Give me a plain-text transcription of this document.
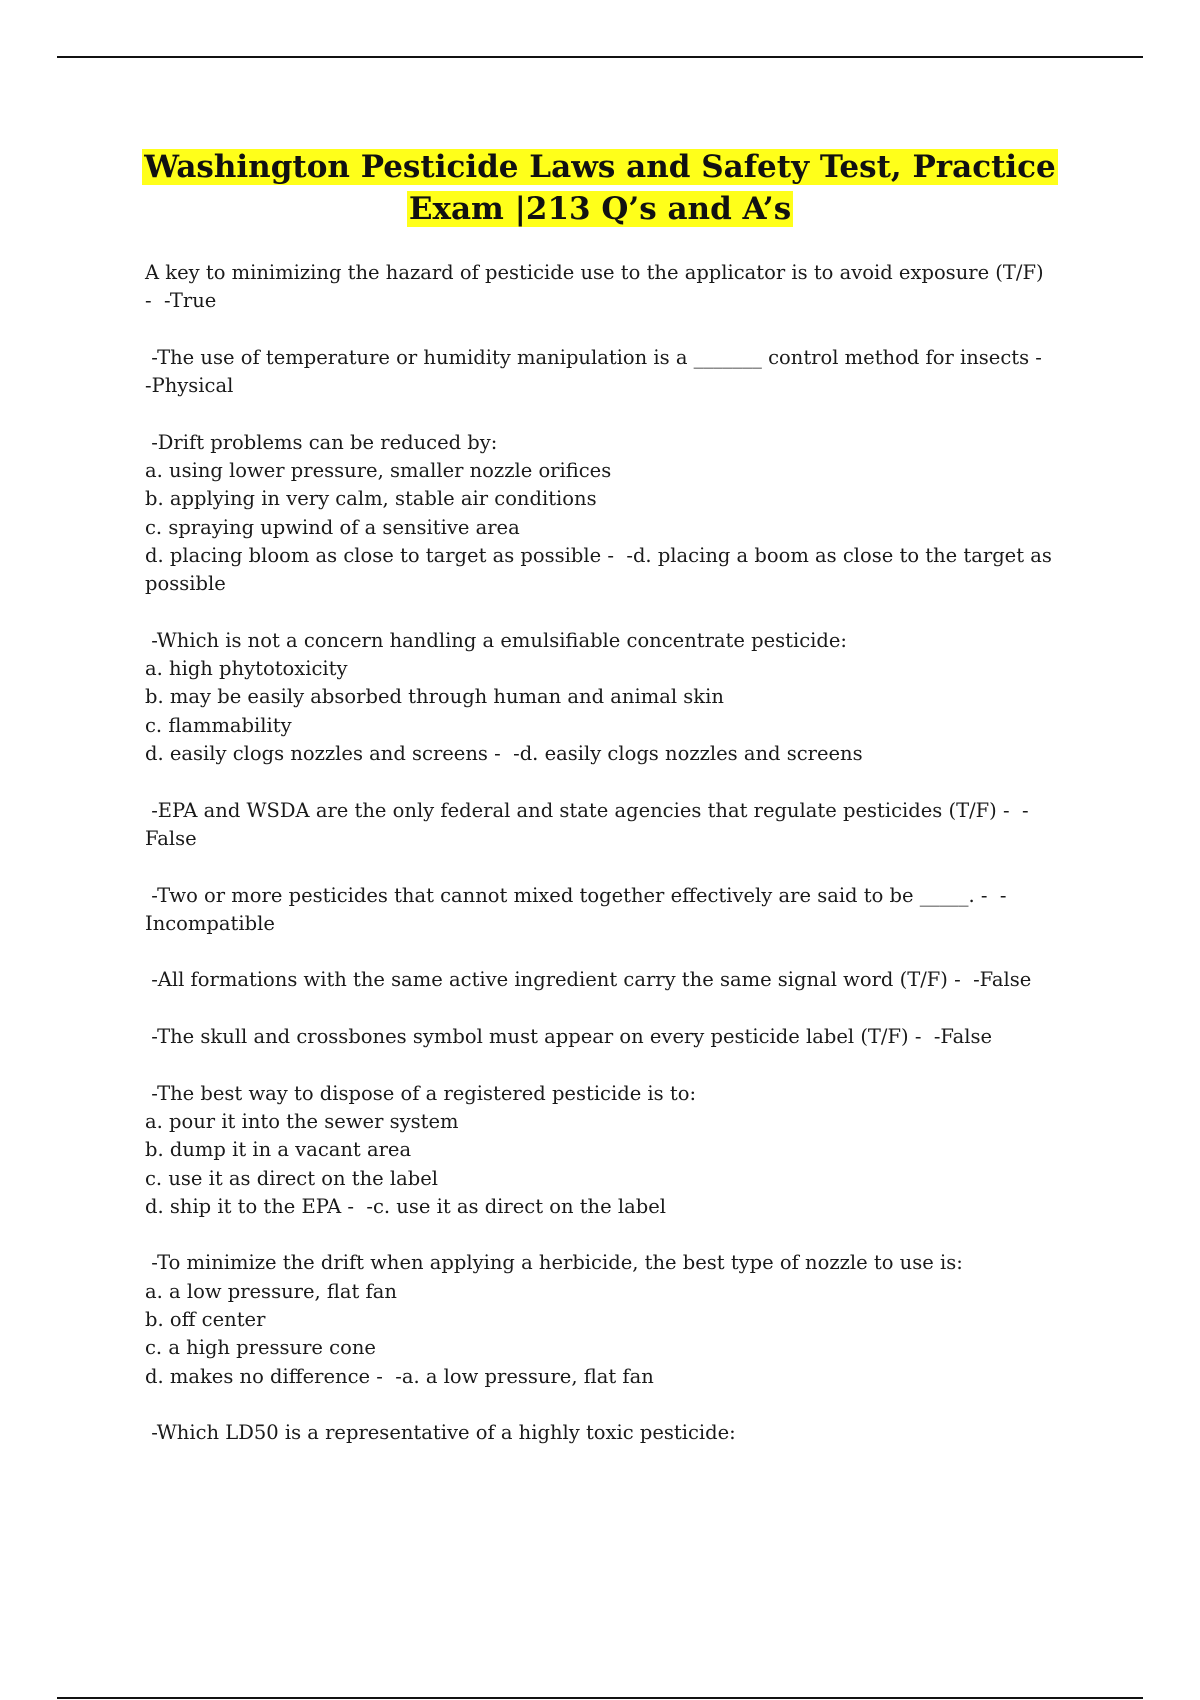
Washington Pesticide Laws and Safety Test, Practice Exam |213 Q’s and A’s
A key to minimizing the hazard of pesticide use to the applicator is to avoid exposure (T/F)
-  -True
-The use of temperature or humidity manipulation is a _______ control method for insects -
-Physical
-Drift problems can be reduced by:
a. using lower pressure, smaller nozzle orifices
b. applying in very calm, stable air conditions
c. spraying upwind of a sensitive area
d. placing bloom as close to target as possible -  -d. placing a boom as close to the target as
possible
-Which is not a concern handling a emulsifiable concentrate pesticide:
a. high phytotoxicity
b. may be easily absorbed through human and animal skin
c. flammability
d. easily clogs nozzles and screens -  -d. easily clogs nozzles and screens
-EPA and WSDA are the only federal and state agencies that regulate pesticides (T/F) -  -
False
-Two or more pesticides that cannot mixed together effectively are said to be _____. -  -
Incompatible
-All formations with the same active ingredient carry the same signal word (T/F) -  -False
-The skull and crossbones symbol must appear on every pesticide label (T/F) -  -False
-The best way to dispose of a registered pesticide is to:
a. pour it into the sewer system
b. dump it in a vacant area
c. use it as direct on the label
d. ship it to the EPA -  -c. use it as direct on the label
-To minimize the drift when applying a herbicide, the best type of nozzle to use is:
a. a low pressure, flat fan
b. off center
c. a high pressure cone
d. makes no difference -  -a. a low pressure, flat fan
-Which LD50 is a representative of a highly toxic pesticide:
